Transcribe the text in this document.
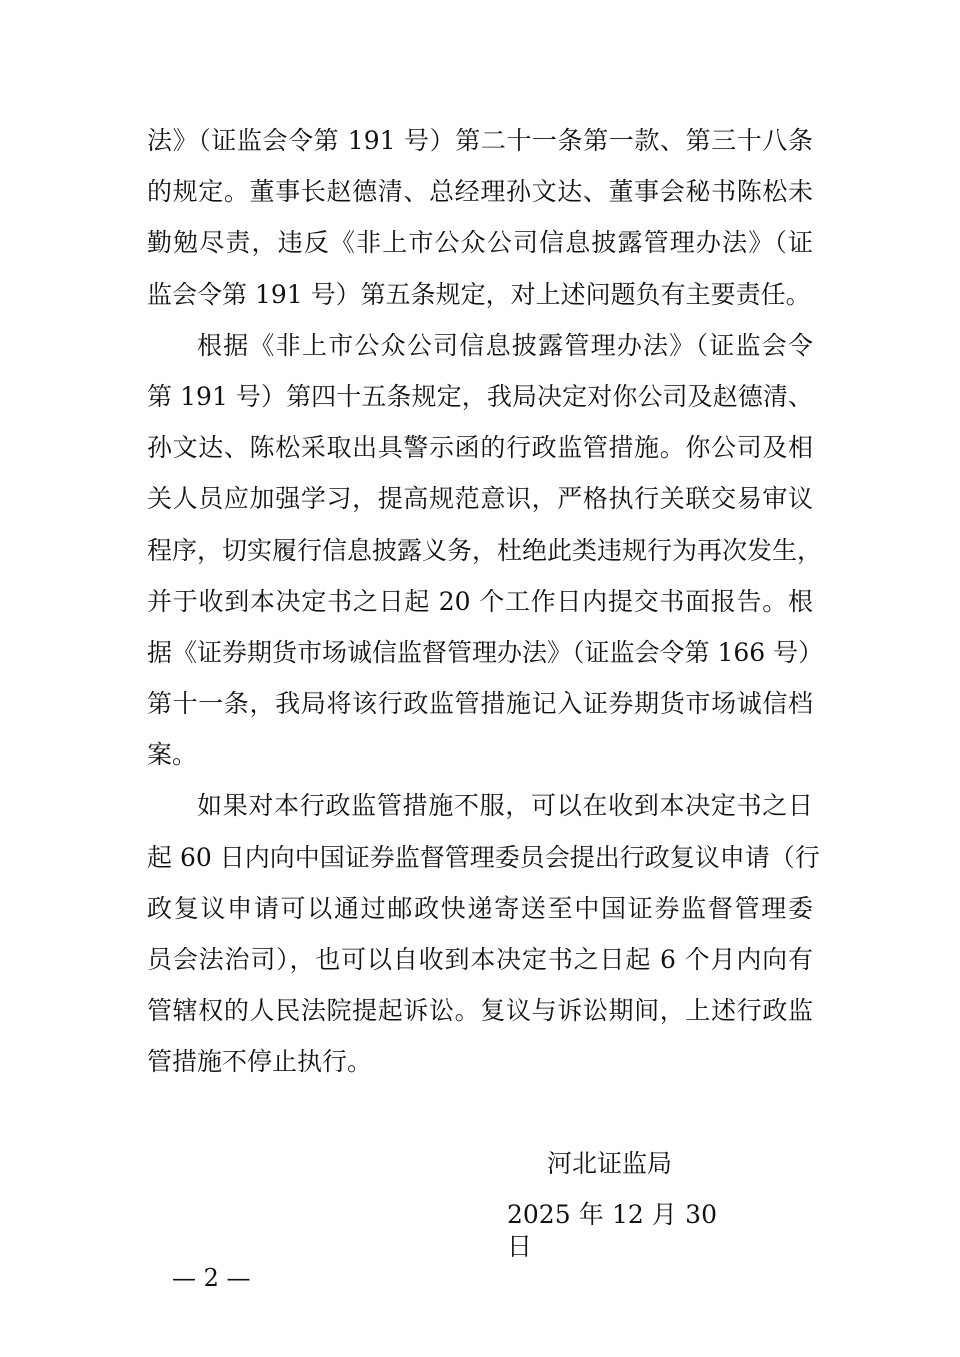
法》（证监会令第 191 号）第二十一条第一款、第三十八条
的规定。董事长赵德清、总经理孙文达、董事会秘书陈松未
勤勉尽责，违反《非上市公众公司信息披露管理办法》（证
监会令第 191 号）第五条规定，对上述问题负有主要责任。
根据《非上市公众公司信息披露管理办法》（证监会令
第 191 号）第四十五条规定，我局决定对你公司及赵德清、
孙文达、陈松采取出具警示函的行政监管措施。你公司及相
关人员应加强学习，提高规范意识，严格执行关联交易审议
程序，切实履行信息披露义务，杜绝此类违规行为再次发生，
并于收到本决定书之日起 20 个工作日内提交书面报告。根
据《证券期货市场诚信监督管理办法》（证监会令第 166 号）
第十一条，我局将该行政监管措施记入证券期货市场诚信档
案。
如果对本行政监管措施不服，可以在收到本决定书之日
起 60 日内向中国证券监督管理委员会提出行政复议申请（行
政复议申请可以通过邮政快递寄送至中国证券监督管理委
员会法治司），也可以自收到本决定书之日起 6 个月内向有
管辖权的人民法院提起诉讼。复议与诉讼期间，上述行政监
管措施不停止执行。
河北证监局
2025 年 12 月 30 日
— 2 —
